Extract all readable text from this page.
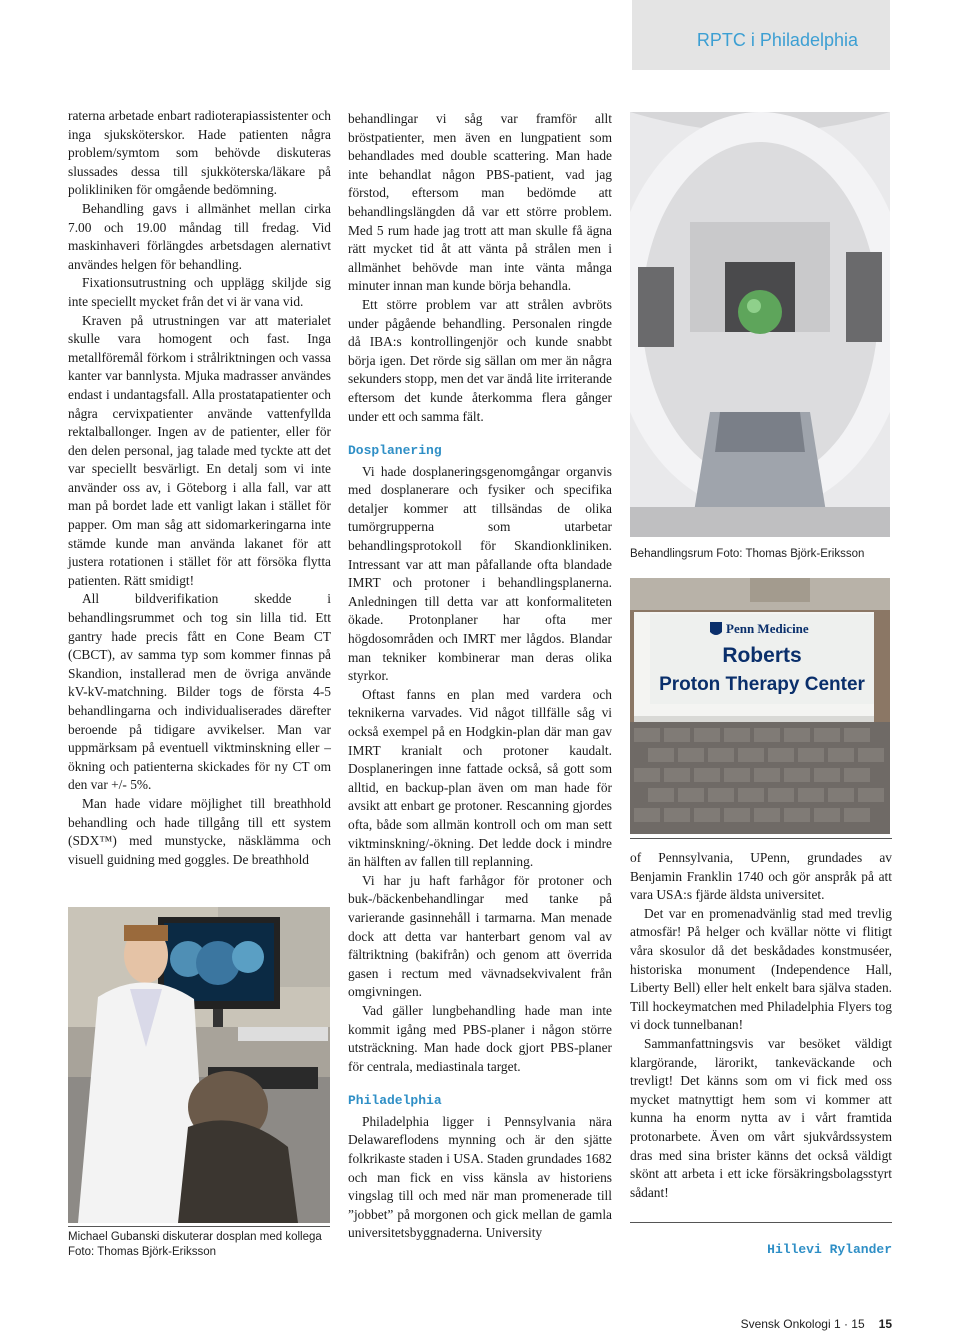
RPTC i Philadelphia

raterna arbetade enbart radioterapiassistenter och inga sjuksköterskor. Hade patienten några problem/symtom som behövde diskuteras slussades dessa till sjukköterska/läkare på polikliniken för omgående bedömning.

Behandling gavs i allmänhet mellan cirka 7.00 och 19.00 måndag till fredag. Vid maskinhaveri förlängdes arbetsdagen alernativt användes helgen för behandling.

Fixationsutrustning och upplägg skiljde sig inte speciellt mycket från det vi är vana vid.

Kraven på utrustningen var att materialet skulle vara homogent och fast. Inga metallföremål förkom i strålriktningen och vassa kanter var bannlysta. Mjuka madrasser användes endast i undantagsfall. Alla prostatapatienter och några cervixpatienter använde vattenfyllda rektalballonger. Ingen av de patienter, eller för den delen personal, jag talade med tyckte att det var speciellt besvärligt. En detalj som vi inte använder oss av, i Göteborg i alla fall, var att man på bordet lade ett vanligt lakan i stället för papper. Om man såg att sidomarkeringarna inte stämde kunde man använda lakanet för att justera rotationen i stället för att försöka flytta patienten. Rätt smidigt!

All bildverifikation skedde i behandlingsrummet och tog sin lilla tid. Ett gantry hade precis fått en Cone Beam CT (CBCT), av samma typ som kommer finnas på Skandion, installerad men de övriga använde kV-kV-matchning. Bilder togs de första 4-5 behandlingarna och individualiserades därefter beroende på tidigare avvikelser. Man var uppmärksam på eventuell viktminskning eller –ökning och patienterna skickades för ny CT om den var +/- 5%.

Man hade vidare möjlighet till breathhold behandling och hade tillgång till ett system (SDX™) med munstycke, näsklämma och visuell guidning med goggles. De breathhold

Michael Gubanski diskuterar dosplan med kollega
Foto: Thomas Björk-Eriksson

behandlingar vi såg var framför allt bröstpatienter, men även en lungpatient som behandlades med double scattering. Man hade inte behandlat någon PBS-patient, vad jag förstod, eftersom man bedömde att behandlingslängden då var ett större problem. Med 5 rum hade jag trott att man skulle få ägna rätt mycket tid åt att vänta på strålen men i allmänhet behövde man inte vänta många minuter innan man kunde börja behandla.

Ett större problem var att strålen avbröts under pågående behandling. Personalen ringde då IBA:s kontrollingenjör och kunde snabbt börja igen. Det rörde sig sällan om mer än några sekunders stopp, men det var ändå lite irriterande eftersom det kunde återkomma flera gånger under ett och samma fält.

Dosplanering

Vi hade dosplaneringsgenomgångar organvis med dosplanerare och fysiker och specifika detaljer kommer att tillsändas de olika tumörgrupperna som utarbetar behandlingsprotokoll för Skandionkliniken. Intressant var att man påfallande ofta blandade IMRT och protoner i behandlingsplanerna. Anledningen till detta var att konformaliteten ökade. Protonplaner har ofta mer högdosområden och IMRT mer lågdos. Blandar man tekniker kombinerar man deras olika styrkor.

Oftast fanns en plan med vardera och teknikerna varvades. Vid något tillfälle såg vi också exempel på en Hodgkin-plan där man gav IMRT kranialt och protoner kaudalt. Dosplaneringen inne fattade också, så gott som alltid, en backup-plan även om man hade för avsikt att enbart ge protoner. Rescanning gjordes ofta, både som allmän kontroll och om man sett viktminskning/-ökning. Det ledde dock i mindre än hälften av fallen till replanning.

Vi har ju haft farhågor för protoner och buk-/bäckenbehandlingar med tanke på varierande gasinnehåll i tarmarna. Man menade dock att detta var hanterbart genom val av fältriktning (bakifrån) och genom att överrida gasen i rectum med vävnadsekvivalent från omgivningen.

Vad gäller lungbehandling hade man inte kommit igång med PBS-planer i någon större utsträckning. Man hade dock gjort PBS-planer för centrala, mediastinala target.

Philadelphia

Philadelphia ligger i Pennsylvania nära Delawareflodens mynning och är den sjätte folkrikaste staden i USA. Staden grundades 1682 och man fick en viss känsla av historiens vingslag till och med när man promenerade till ”jobbet” på morgonen och gick mellan de gamla universitetsbyggnaderna. University

Behandlingsrum Foto: Thomas Björk-Eriksson
Penn Medicine
Roberts
Proton Therapy Center

of Pennsylvania, UPenn, grundades av Benjamin Franklin 1740 och gör anspråk på att vara USA:s fjärde äldsta universitet.

Det var en promenadvänlig stad med trevlig atmosfär! På helger och kvällar nötte vi flitigt våra skosulor då det beskådades konstmuséer, historiska monument (Independence Hall, Liberty Bell) eller helt enkelt bara själva staden. Till hockeymatchen med Philadelphia Flyers tog vi dock tunnelbanan!

Sammanfattningsvis var besöket väldigt klargörande, lärorikt, tankeväckande och trevligt! Det känns som om vi fick med oss mycket matnyttigt hem som vi kommer att kunna ha enorm nytta av i vårt framtida protonarbete. Även om vårt sjukvårdssystem dras med sina brister känns det också väldigt skönt att arbeta i ett icke försäkringsbolagsstyrt sådant!

Hillevi Rylander
Svensk Onkologi 1 · 15 15
